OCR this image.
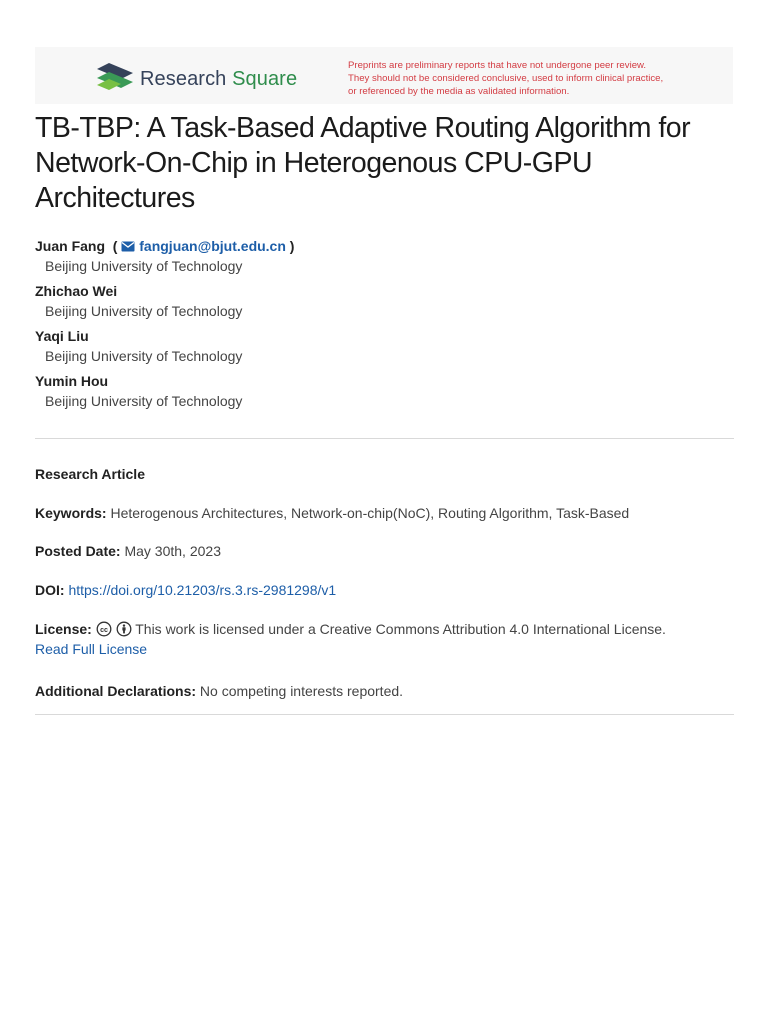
Research Square
Preprints are preliminary reports that have not undergone peer review.
They should not be considered conclusive, used to inform clinical practice,
or referenced by the media as validated information.
TB-TBP: A Task-Based Adaptive Routing Algorithm for Network-On-Chip in Heterogenous CPU-GPU Architectures
Juan Fang  ( fangjuan@bjut.edu.cn )
Beijing University of Technology
Zhichao Wei
Beijing University of Technology
Yaqi Liu
Beijing University of Technology
Yumin Hou
Beijing University of Technology
Research Article
Keywords: Heterogenous Architectures, Network-on-chip(NoC), Routing Algorithm, Task-Based
Posted Date: May 30th, 2023
DOI: https://doi.org/10.21203/rs.3.rs-2981298/v1
License: cc This work is licensed under a Creative Commons Attribution 4.0 International License.
Read Full License
Additional Declarations: No competing interests reported.
